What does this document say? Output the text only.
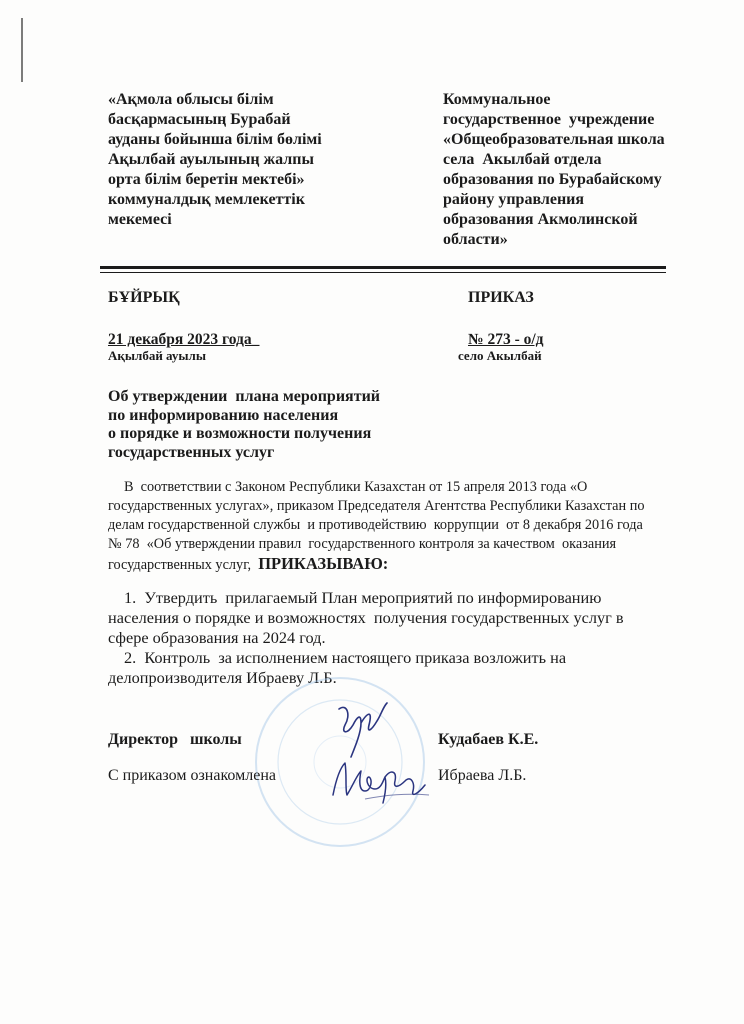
«Ақмола облысы білім
басқармасының Бурабай
ауданы бойынша білім бөлімі
Ақылбай ауылының жалпы
орта білім беретін мектебі»
коммуналдық мемлекеттік
мекемесі
Коммунальное
государственное  учреждение
«Общеобразовательная школа
села  Акылбай отдела
образования по Бурабайскому
району управления
образования Акмолинской
области»
БҰЙРЫҚ	ПРИКАЗ
21 декабря 2023 года_	№ 273 - о/д
Ақылбай ауылы	село Акылбай
Об утверждении  плана мероприятий
по информированию населения
о порядке и возможности получения
государственных услуг
В  соответствии с Законом Республики Казахстан от 15 апреля 2013 года «О
государственных услугах», приказом Председателя Агентства Республики Казахстан по
делам государственной службы  и противодействию  коррупции  от 8 декабря 2016 года
№ 78  «Об утверждении правил  государственного контроля за качеством  оказания
государственных услуг,  ПРИКАЗЫВАЮ:
1.  Утвердить  прилагаемый План мероприятий по информированию
населения о порядке и возможностях  получения государственных услуг в
сфере образования на 2024 год.
2.  Контроль  за исполнением настоящего приказа возложить на
делопроизводителя Ибраеву Л.Б.
Директор   школы	Кудабаев К.Е.
С приказом ознакомлена	Ибраева Л.Б.
